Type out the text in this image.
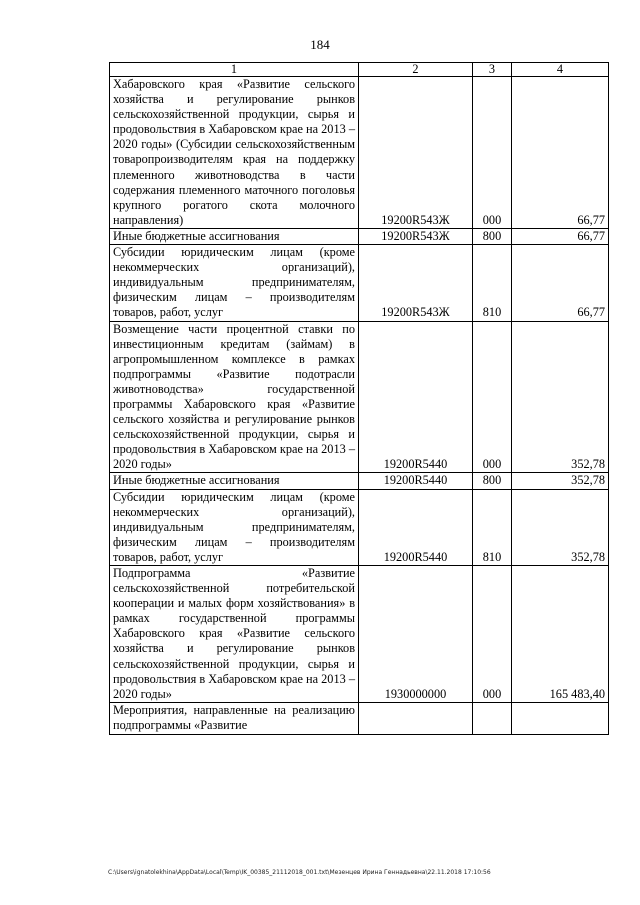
184
1	2	3	4
Хабаровского края «Развитие сельского хозяйства и регулирование рынков сельскохозяйственной продукции, сырья и продовольствия в Хабаровском крае на 2013 – 2020 годы» (Субсидии сельскохозяйственным товаропроизводителям края на поддержку племенного животноводства в части содержания племенного маточного поголовья крупного рогатого скота молочного направления)	19200R543Ж	000	66,77
Иные бюджетные ассигнования	19200R543Ж	800	66,77
Субсидии юридическим лицам (кроме некоммерческих организаций), индивидуальным предпринимателям, физическим лицам – производителям товаров, работ, услуг	19200R543Ж	810	66,77
Возмещение части процентной ставки по инвестиционным кредитам (займам) в агропромышленном комплексе в рамках подпрограммы «Развитие подотрасли животноводства» государственной программы Хабаровского края «Развитие сельского хозяйства и регулирование рынков сельскохозяйственной продукции, сырья и продовольствия в Хабаровском крае на 2013 – 2020 годы»	19200R5440	000	352,78
Иные бюджетные ассигнования	19200R5440	800	352,78
Субсидии юридическим лицам (кроме некоммерческих организаций), индивидуальным предпринимателям, физическим лицам – производителям товаров, работ, услуг	19200R5440	810	352,78
Подпрограмма «Развитие сельскохозяйственной потребительской кооперации и малых форм хозяйствования» в рамках государственной программы Хабаровского края «Развитие сельского хозяйства и регулирование рынков сельскохозяйственной продукции, сырья и продовольствия в Хабаровском крае на 2013 – 2020 годы»	1930000000	000	165 483,40
Мероприятия, направленные на реализацию подпрограммы «Развитие			
C:\Users\ignatolekhina\AppData\Local\Temp\IK_00385_21112018_001.txt\Мезенцев Ирина Геннадьевна\22.11.2018 17:10:56
